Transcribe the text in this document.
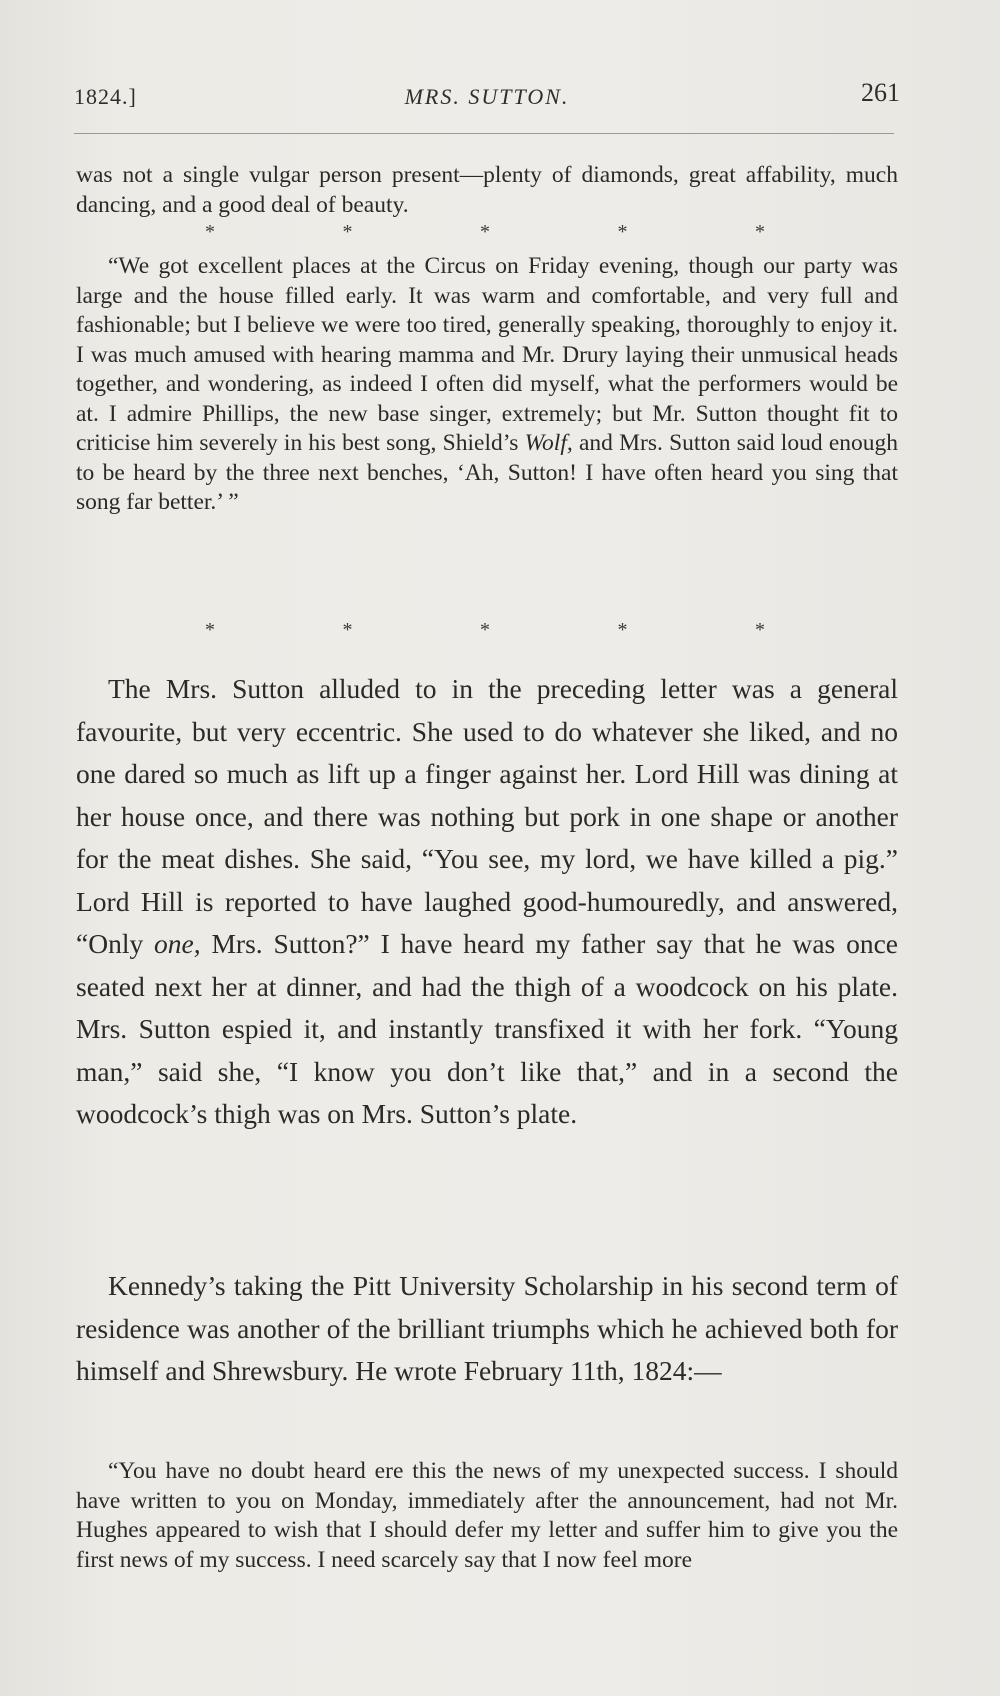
1824.]	MRS. SUTTON.	261
was not a single vulgar person present—plenty of diamonds, great affability, much dancing, and a good deal of beauty.
*	*	*	*	*
“We got excellent places at the Circus on Friday evening, though our party was large and the house filled early. It was warm and comfortable, and very full and fashionable; but I believe we were too tired, generally speaking, thoroughly to enjoy it. I was much amused with hearing mamma and Mr. Drury laying their unmusical heads together, and wondering, as indeed I often did myself, what the performers would be at. I admire Phillips, the new base singer, extremely; but Mr. Sutton thought fit to criticise him severely in his best song, Shield’s Wolf, and Mrs. Sutton said loud enough to be heard by the three next benches, ‘Ah, Sutton! I have often heard you sing that song far better.’ ”
*	*	*	*	*
The Mrs. Sutton alluded to in the preceding letter was a general favourite, but very eccentric. She used to do whatever she liked, and no one dared so much as lift up a finger against her. Lord Hill was dining at her house once, and there was nothing but pork in one shape or another for the meat dishes. She said, “You see, my lord, we have killed a pig.” Lord Hill is reported to have laughed good-humouredly, and answered, “Only one, Mrs. Sutton?” I have heard my father say that he was once seated next her at dinner, and had the thigh of a woodcock on his plate. Mrs. Sutton espied it, and instantly transfixed it with her fork. “Young man,” said she, “I know you don’t like that,” and in a second the woodcock’s thigh was on Mrs. Sutton’s plate.
Kennedy’s taking the Pitt University Scholarship in his second term of residence was another of the brilliant triumphs which he achieved both for himself and Shrewsbury. He wrote February 11th, 1824:—
“You have no doubt heard ere this the news of my unexpected success. I should have written to you on Monday, immediately after the announcement, had not Mr. Hughes appeared to wish that I should defer my letter and suffer him to give you the first news of my success. I need scarcely say that I now feel more
